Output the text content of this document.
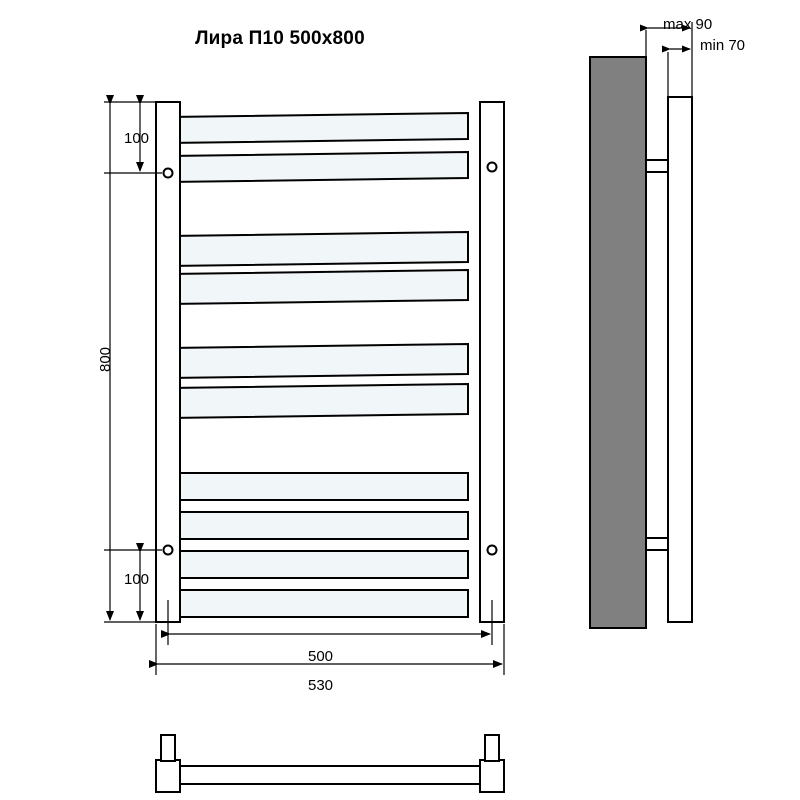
Лира П10 500x800
100
100
800
500
530
max 90
min 70
